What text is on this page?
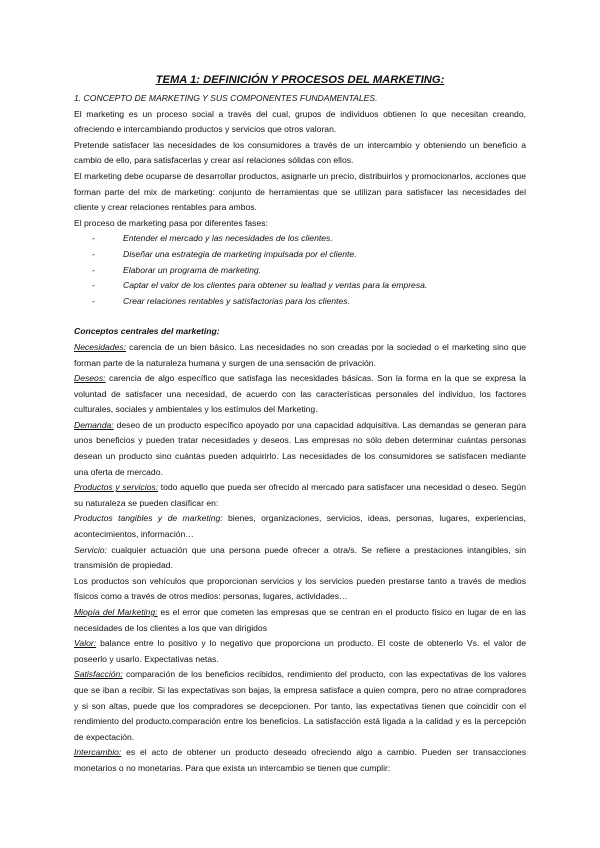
TEMA 1: DEFINICIÓN Y PROCESOS DEL MARKETING:
1. CONCEPTO DE MARKETING Y SUS COMPONENTES FUNDAMENTALES.

El marketing es un proceso social a través del cual, grupos de individuos obtienen lo que necesitan creando, ofreciendo e intercambiando productos y servicios que otros valoran.

Pretende satisfacer las necesidades de los consumidores a través de un intercambio y obteniendo un beneficio a cambio de ello, para satisfacerlas y crear así relaciones sólidas con ellos.

El marketing debe ocuparse de desarrollar productos, asignarle un precio, distribuirlos y promocionarlos, acciones que forman parte del mix de marketing: conjunto de herramientas que se utilizan para satisfacer las necesidades del cliente y crear relaciones rentables para ambos.

El proceso de marketing pasa por diferentes fases:

-	Entender el mercado y las necesidades de los clientes.
-	Diseñar una estrategia de marketing impulsada por el cliente.
-	Elaborar un programa de marketing.
-	Captar el valor de los clientes para obtener su lealtad y ventas para la empresa.
-	Crear relaciones rentables y satisfactorias para los clientes.
Conceptos centrales del marketing:

Necesidades: carencia de un bien básico. Las necesidades no son creadas por la sociedad o el marketing sino que forman parte de la naturaleza humana y surgen de una sensación de privación.

Deseos: carencia de algo específico que satisfaga las necesidades básicas. Son la forma en la que se expresa la voluntad de satisfacer una necesidad, de acuerdo con las características personales del individuo, los factores culturales, sociales y ambientales y los estímulos del Marketing.

Demanda: deseo de un producto específico apoyado por una capacidad adquisitiva. Las demandas se generan para unos beneficios y pueden tratar necesidades y deseos. Las empresas no sólo deben determinar cuántas personas desean un producto sino cuántas pueden adquirirlo. Las necesidades de los consumidores se satisfacen mediante una oferta de mercado.

Productos y servicios: todo aquello que pueda ser ofrecido al mercado para satisfacer una necesidad o deseo. Según su naturaleza se pueden clasificar en:

Productos tangibles y de marketing: bienes, organizaciones, servicios, ideas, personas, lugares, experiencias, acontecimientos, información…

Servicio: cualquier actuación que una persona puede ofrecer a otra/s. Se refiere a prestaciones intangibles, sin transmisión de propiedad.

Los productos son vehículos que proporcionan servicios y los servicios pueden prestarse tanto a través de medios físicos como a través de otros medios: personas, lugares, actividades…

Miopía del Marketing: es el error que cometen las empresas que se centran en el producto físico en lugar de en las necesidades de los clientes a los que van dirigidos

Valor: balance entre lo positivo y lo negativo que proporciona un producto. El coste de obtenerlo Vs. el valor de poseerlo y usarlo. Expectativas netas.

Satisfacción: comparación de los beneficios recibidos, rendimiento del producto, con las expectativas de los valores que se iban a recibir. Si las expectativas son bajas, la empresa satisface a quien compra, pero no atrae compradores y si son altas, puede que los compradores se decepcionen. Por tanto, las expectativas tienen que coincidir con el rendimiento del producto.comparación entre los beneficios. La satisfacción está ligada a la calidad y es la percepción de expectación.

Intercambio: es el acto de obtener un producto deseado ofreciendo algo a cambio. Pueden ser transacciones monetarios o no monetarias. Para que exista un intercambio se tienen que cumplir:
